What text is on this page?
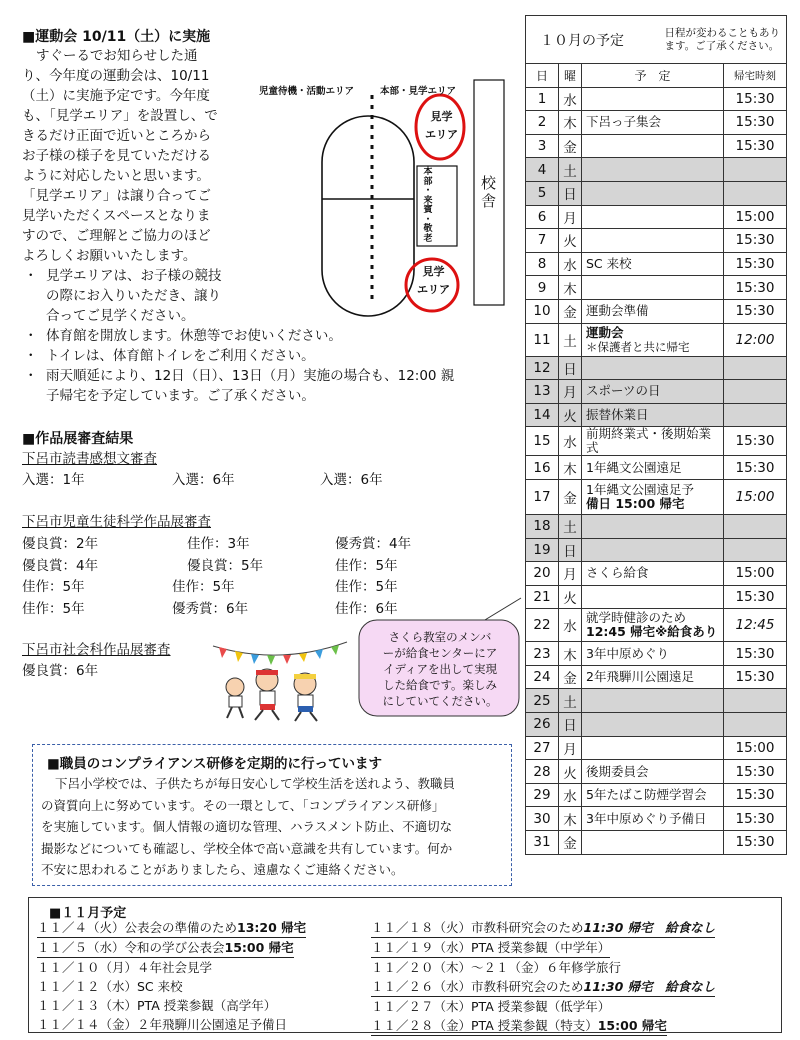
■運動会 10/11（土）に実施
すぐーるでお知らせした通
り、今年度の運動会は、10/11
（土）に実施予定です。今年度
も、「見学エリア」を設置し、で
きるだけ正面で近いところから
お子様の様子を見ていただける
ように対応したいと思います。
「見学エリア」は譲り合ってご
見学いただくスペースとなりま
すので、ご理解とご協力のほど
よろしくお願いいたします。
・ 見学エリアは、お子様の競技
の際にお入りいただき、譲り
合ってご見学ください。
・ 体育館を開放します。休憩等でお使いください。
・ トイレは、体育館トイレをご利用ください。
・ 雨天順延により、12日（日）、13日（月）実施の場合も、12:00 親
子帰宅を予定しています。ご了承ください。
児童待機・活動エリア	本部・見学エリア
見学
エリア
見学
エリア
本
部
・
来
賓
・
敬
老
校
舎
■作品展審査結果
下呂市読書感想文審査
入選：1年	入選：6年	入選：6年
下呂市児童生徒科学作品展審査
優良賞：2年	佳作：3年	優秀賞：4年
優良賞：4年	優良賞：5年	佳作：5年
佳作：5年	佳作：5年	佳作：5年
佳作：5年	優秀賞：6年	佳作：6年
下呂市社会科作品展審査
優良賞：6年
さくら教室のメンバ
ーが給食センターにア
イディアを出して実現
した給食です。楽しみ
にしていてください。
■職員のコンプライアンス研修を定期的に行っています
下呂小学校では、子供たちが毎日安心して学校生活を送れよう、教職員
の資質向上に努めています。その一環として、「コンプライアンス研修」
を実施しています。個人情報の適切な管理、ハラスメント防止、不適切な
撮影などについても確認し、学校全体で高い意識を共有しています。何か
不安に思われることがありましたら、遠慮なくご連絡ください。
１０月の予定 日程が変わることもあり
ます。ご了承ください。			

日	曜	予　定	帰宅時刻
1	水		15:30
2	木	下呂っ子集会	15:30
3	金		15:30
4	土	

5	日	

6	月		15:00
7	火		15:30
8	水	SC 来校	15:30
9	木		15:30
10	金	運動会準備	15:30
11	土	運動会
＊保護者と共に帰宅	12:00
12	日	

13	月	スポーツの日	

14	火	振替休業日	

15	水	前期終業式・後期始業式	15:30
16	木	1年縄文公園遠足	15:30
17	金	1年縄文公園遠足予
備日 15:00 帰宅	15:00
18	土	

19	日	

20	月	さくら給食	15:00
21	火		15:30
22	水	就学時健診のため
12:45 帰宅※給食あり	12:45
23	木	3年中原めぐり	15:30
24	金	2年飛騨川公園遠足	15:30
25	土	

26	日	

27	月		15:00
28	火	後期委員会	15:30
29	水	5年たばこ防煙学習会	15:30
30	木	3年中原めぐり予備日	15:30
31	金		15:30
■１１月予定
１１／４（火）公表会の準備のため 13:20 帰宅
１１／５（水）令和の学び公表会 15:00 帰宅
１１／１０（月）４年社会見学
１１／１２（水）SC 来校
１１／１３（木）PTA 授業参観（高学年）
１１／１４（金）２年飛騨川公園遠足予備日
１１／１８（火）市教科研究会のため 11:30 帰宅　給食なし
１１／１９（水）PTA 授業参観（中学年）
１１／２０（木）～２１（金）６年修学旅行
１１／２６（水）市教科研究会のため 11:30 帰宅　給食なし
１１／２７（木）PTA 授業参観（低学年）
１１／２８（金）PTA 授業参観（特支） 15:00 帰宅
